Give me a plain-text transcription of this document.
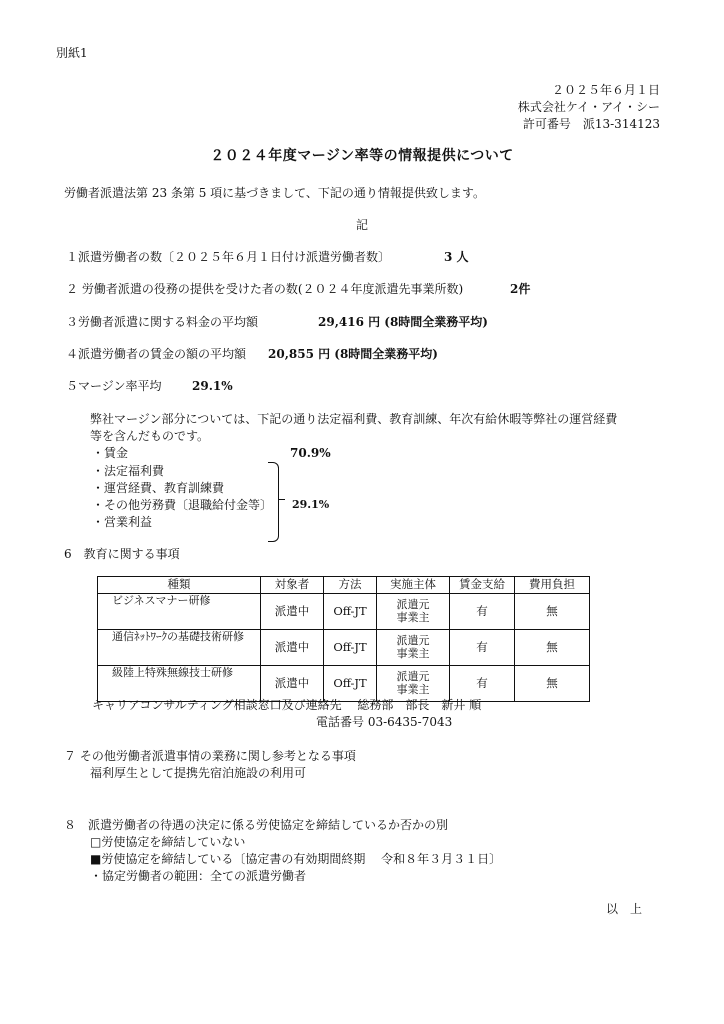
別紙1
２０２５年６月１日
株式会社ケイ・アイ・シー
許可番号　派13-314123
２０２４年度マージン率等の情報提供について
労働者派遣法第 23 条第 5 項に基づきまして、下記の通り情報提供致します。
記
１派遣労働者の数〔２０２５年６月１日付け派遣労働者数〕	3 人
２ 労働者派遣の役務の提供を受けた者の数(２０２４年度派遣先事業所数)	2件
３労働者派遣に関する料金の平均額	29,416 円 (8時間全業務平均)
４派遣労働者の賃金の額の平均額 20,855 円 (8時間全業務平均)
５マージン率平均	29.1%
弊社マージン部分については、下記の通り法定福利費、教育訓練、年次有給休暇等弊社の運営経費
等を含んだものです。
・賃金	70.9%
・法定福利費
・運営経費、教育訓練費
・その他労務費〔退職給付金等〕
・営業利益
29.1%
6　教育に関する事項
種類	対象者	方法	実施主体	賃金支給	費用負担
ビジネスマナー研修	派遣中	Off-JT	派遣元
事業主	有	無
通信ﾈｯﾄﾜｰｸの基礎技術研修	派遣中	Off-JT	派遣元
事業主	有	無
級陸上特殊無線技士研修	派遣中	Off-JT	派遣元
事業主	有	無
キャリアコンサルティング相談窓口及び連絡先　 総務部　部長　新井 順
電話番号 03-6435-7043
７ その他労働者派遣事情の業務に関し参考となる事項
福利厚生として提携先宿泊施設の利用可
８　派遣労働者の待遇の決定に係る労使協定を締結しているか否かの別
□労使協定を締結していない
■労使協定を締結している〔協定書の有効期間終期　 令和８年３月３１日〕
・協定労働者の範囲：全ての派遣労働者
以　上
